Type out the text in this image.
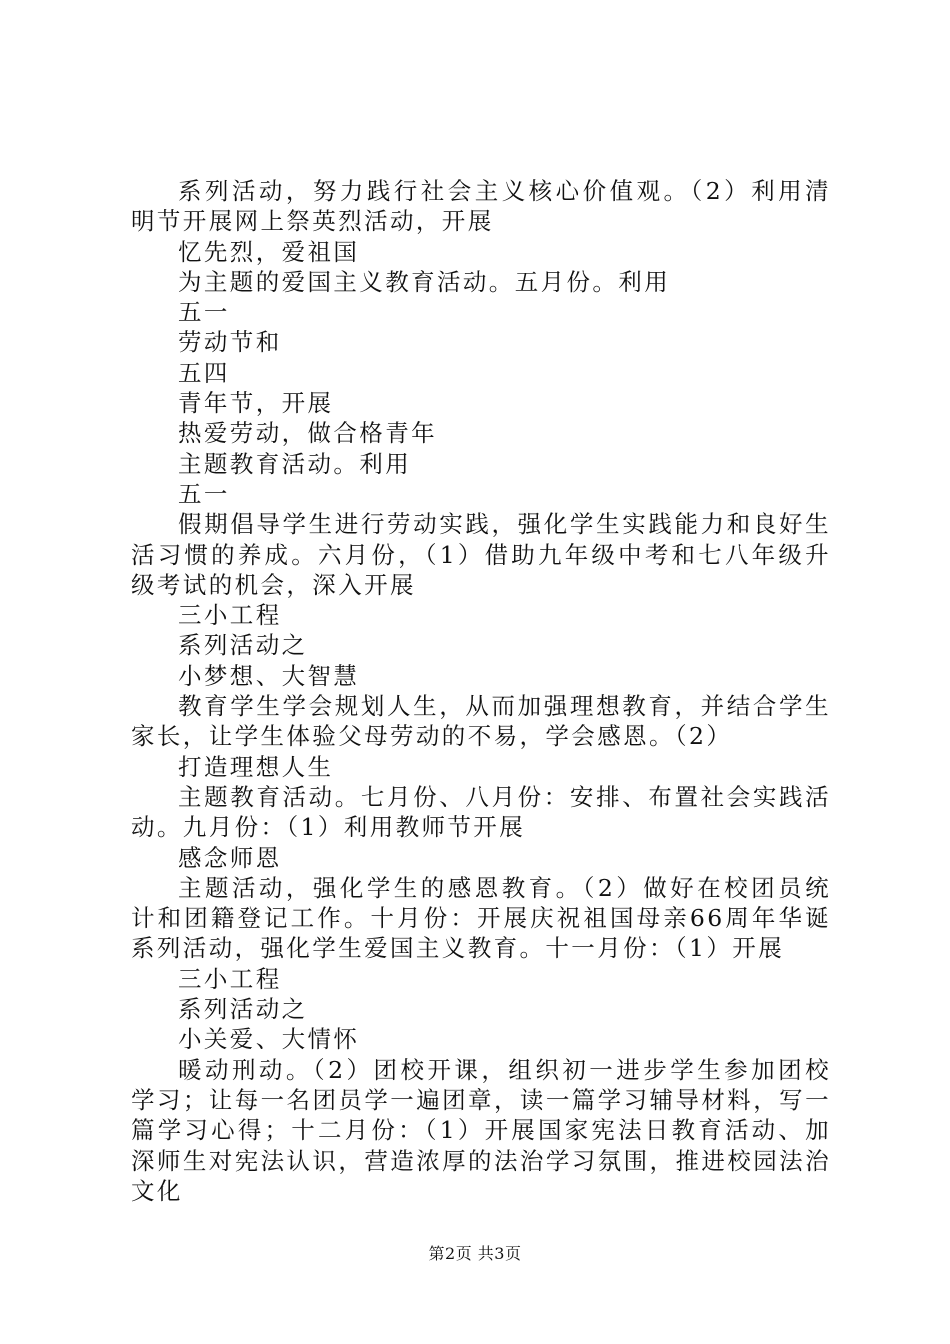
系列活动，努力践行社会主义核心价值观。（2）利用清明节开展网上祭英烈活动，开展

忆先烈，爱祖国

为主题的爱国主义教育活动。五月份。利用

五一

劳动节和

五四

青年节，开展

热爱劳动，做合格青年

主题教育活动。利用

五一

假期倡导学生进行劳动实践，强化学生实践能力和良好生活习惯的养成。六月份，（1）借助九年级中考和七八年级升级考试的机会，深入开展

三小工程

系列活动之

小梦想、大智慧

教育学生学会规划人生，从而加强理想教育，并结合学生家长，让学生体验父母劳动的不易，学会感恩。（2）

打造理想人生

主题教育活动。七月份、八月份：安排、布置社会实践活动。九月份：（1）利用教师节开展

感念师恩

主题活动，强化学生的感恩教育。（2）做好在校团员统计和团籍登记工作。十月份：开展庆祝祖国母亲66周年华诞系列活动，强化学生爱国主义教育。十一月份：（1）开展

三小工程

系列活动之

小关爱、大情怀

暖动刑动。（2）团校开课，组织初一进步学生参加团校学习；让每一名团员学一遍团章，读一篇学习辅导材料，写一篇学习心得；十二月份：（1）开展国家宪法日教育活动、加深师生对宪法认识，营造浓厚的法治学习氛围，推进校园法治文化

第2页 共3页
